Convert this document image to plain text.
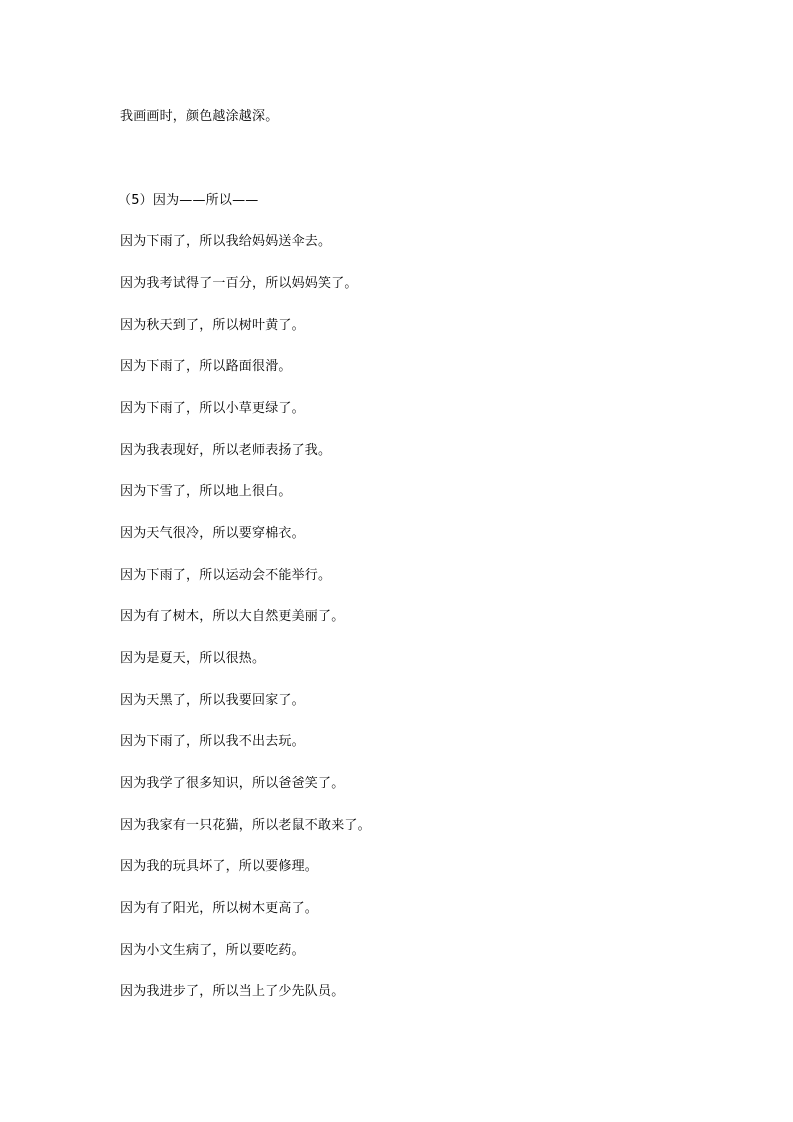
我画画时，颜色越涂越深。
（5）因为——所以——
因为下雨了，所以我给妈妈送伞去。
因为我考试得了一百分，所以妈妈笑了。
因为秋天到了，所以树叶黄了。
因为下雨了，所以路面很滑。
因为下雨了，所以小草更绿了。
因为我表现好，所以老师表扬了我。
因为下雪了，所以地上很白。
因为天气很冷，所以要穿棉衣。
因为下雨了，所以运动会不能举行。
因为有了树木，所以大自然更美丽了。
因为是夏天，所以很热。
因为天黑了，所以我要回家了。
因为下雨了，所以我不出去玩。
因为我学了很多知识，所以爸爸笑了。
因为我家有一只花猫，所以老鼠不敢来了。
因为我的玩具坏了，所以要修理。
因为有了阳光，所以树木更高了。
因为小文生病了，所以要吃药。
因为我进步了，所以当上了少先队员。
